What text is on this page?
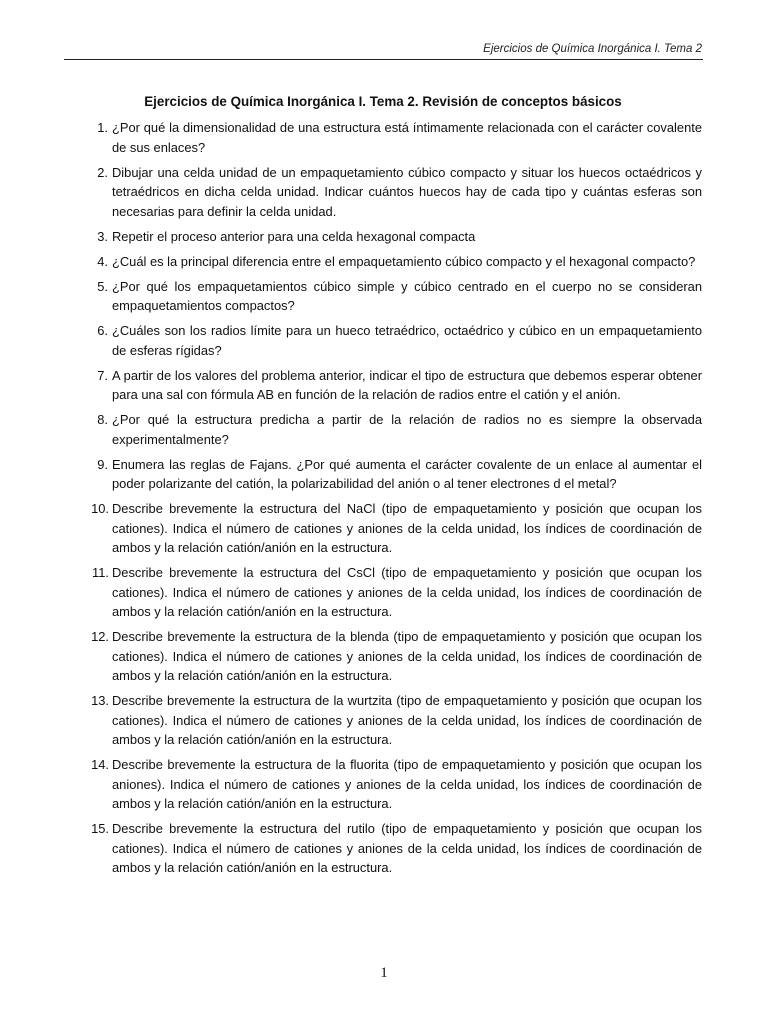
Ejercicios de Química Inorgánica I. Tema 2
Ejercicios de Química Inorgánica I. Tema 2. Revisión de conceptos básicos
1. ¿Por qué la dimensionalidad de una estructura está íntimamente relacionada con el carácter covalente de sus enlaces?
2. Dibujar una celda unidad de un empaquetamiento cúbico compacto y situar los huecos octaédricos y tetraédricos en dicha celda unidad. Indicar cuántos huecos hay de cada tipo y cuántas esferas son necesarias para definir la celda unidad.
3. Repetir el proceso anterior para una celda hexagonal compacta
4. ¿Cuál es la principal diferencia entre el empaquetamiento cúbico compacto y el hexagonal compacto?
5. ¿Por qué los empaquetamientos cúbico simple y cúbico centrado en el cuerpo no se consideran empaquetamientos compactos?
6. ¿Cuáles son los radios límite para un hueco tetraédrico, octaédrico y cúbico en un empaquetamiento de esferas rígidas?
7. A partir de los valores del problema anterior, indicar el tipo de estructura que debemos esperar obtener para una sal con fórmula AB en función de la relación de radios entre el catión y el anión.
8. ¿Por qué la estructura predicha a partir de la relación de radios no es siempre la observada experimentalmente?
9. Enumera las reglas de Fajans. ¿Por qué aumenta el carácter covalente de un enlace al aumentar el poder polarizante del catión, la polarizabilidad del anión o al tener electrones d el metal?
10. Describe brevemente la estructura del NaCl (tipo de empaquetamiento y posición que ocupan los cationes). Indica el número de cationes y aniones de la celda unidad, los índices de coordinación de ambos y la relación catión/anión en la estructura.
11. Describe brevemente la estructura del CsCl (tipo de empaquetamiento y posición que ocupan los cationes). Indica el número de cationes y aniones de la celda unidad, los índices de coordinación de ambos y la relación catión/anión en la estructura.
12. Describe brevemente la estructura de la blenda (tipo de empaquetamiento y posición que ocupan los cationes). Indica el número de cationes y aniones de la celda unidad, los índices de coordinación de ambos y la relación catión/anión en la estructura.
13. Describe brevemente la estructura de la wurtzita (tipo de empaquetamiento y posición que ocupan los cationes). Indica el número de cationes y aniones de la celda unidad, los índices de coordinación de ambos y la relación catión/anión en la estructura.
14. Describe brevemente la estructura de la fluorita (tipo de empaquetamiento y posición que ocupan los aniones). Indica el número de cationes y aniones de la celda unidad, los índices de coordinación de ambos y la relación catión/anión en la estructura.
15. Describe brevemente la estructura del rutilo (tipo de empaquetamiento y posición que ocupan los cationes). Indica el número de cationes y aniones de la celda unidad, los índices de coordinación de ambos y la relación catión/anión en la estructura.
1
